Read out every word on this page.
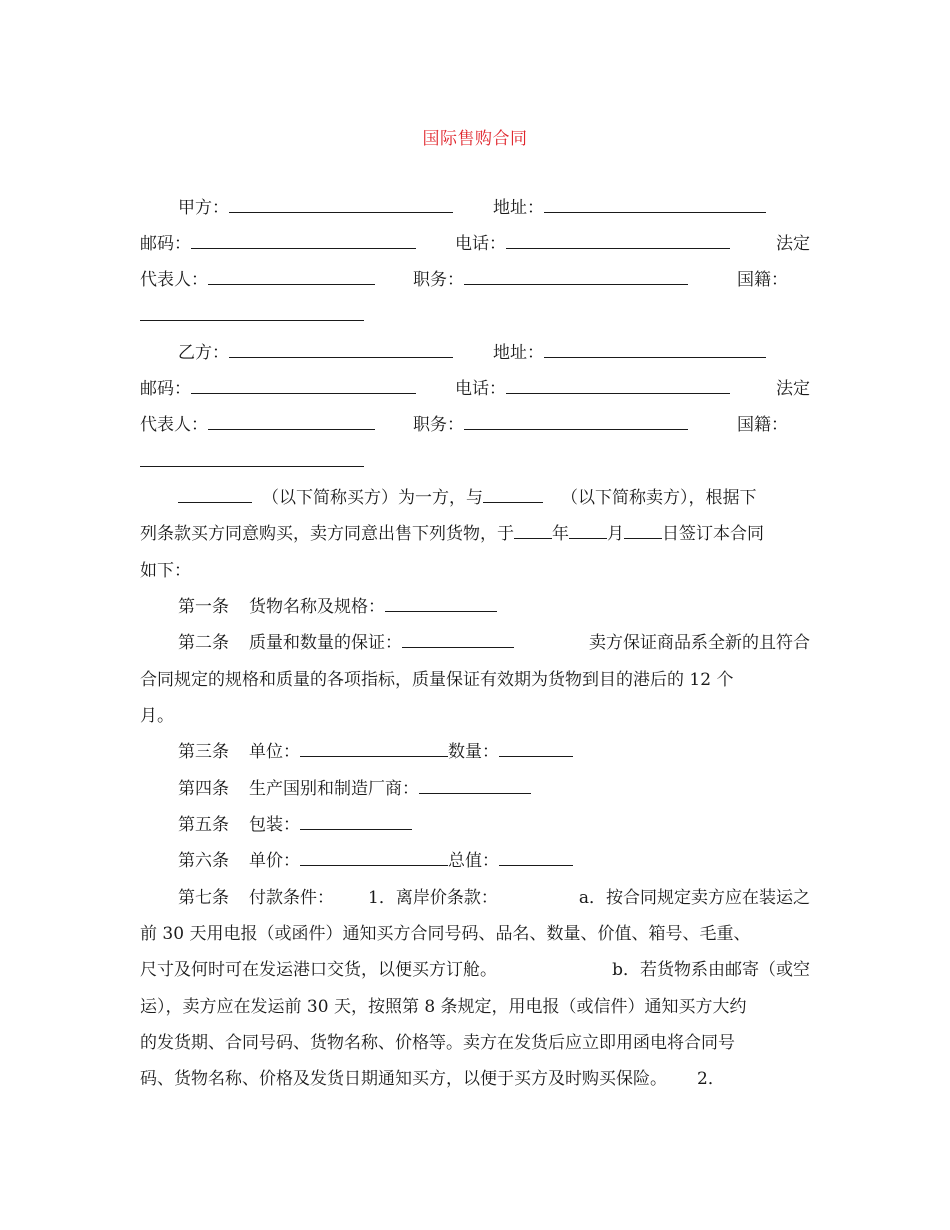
国际售购合同
甲方：	地址：
邮码：	电话：	法定
代表人：	职务：	国籍：
乙方：	地址：
邮码：	电话：	法定
代表人：	职务：	国籍：
（以下简称买方）为一方，与	（以下简称卖方），根据下
列条款买方同意购买，卖方同意出售下列货物，于 年 月 日签订本合同
如下：
第一条 货物名称及规格：
第二条 质量和数量的保证：	卖方保证商品系全新的且符合
合同规定的规格和质量的各项指标，质量保证有效期为货物到目的港后的 12 个
月。
第三条 单位：	数量：
第四条 生产国别和制造厂商：
第五条 包装：
第六条 单价：	总值：
第七条 付款条件： 1．离岸价条款：	a．按合同规定卖方应在装运之
前 30 天用电报（或函件）通知买方合同号码、品名、数量、价值、箱号、毛重、
尺寸及何时可在发运港口交货，以便买方订舱。	b．若货物系由邮寄（或空
运），卖方应在发运前 30 天，按照第 8 条规定，用电报（或信件）通知买方大约
的发货期、合同号码、货物名称、价格等。卖方在发货后应立即用函电将合同号
码、货物名称、价格及发货日期通知买方，以便于买方及时购买保险。 2．
